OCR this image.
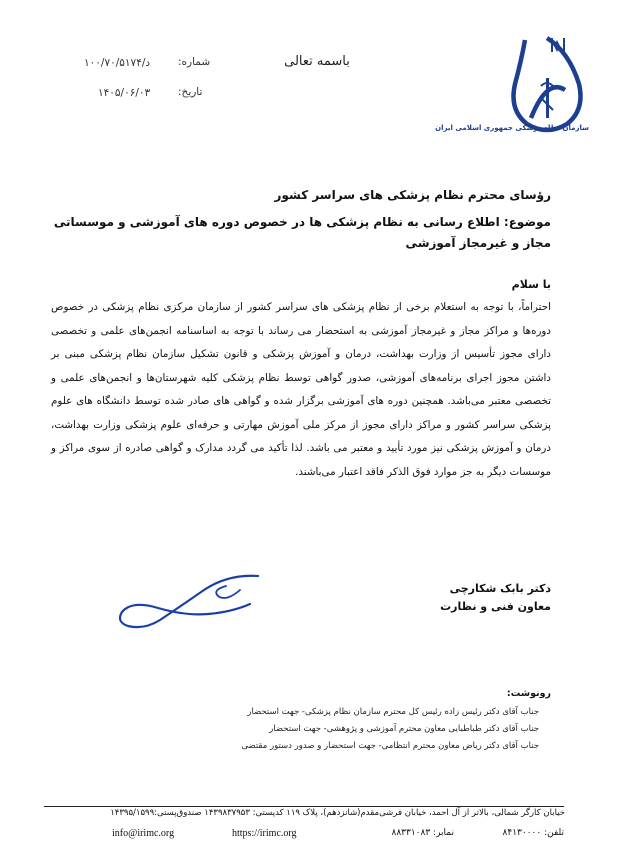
باسمه تعالی
شماره:
۱۰۰/۷۰/۵۱۷۴/د
تاریخ:
۱۴۰۵/۰۶/۰۳
سازمان نظام پزشکی جمهوری اسلامی ایران
رؤسای محترم نظام پزشکی های سراسر کشور
موضوع: اطلاع رسانی به نظام پزشکی ها در خصوص دوره های آموزشی و موسساتی مجاز و غیرمجاز آموزشی
با سلام
احتراماً، با توجه به استعلام برخی از نظام پزشکی های سراسر کشور از سازمان مرکزی نظام پزشکی در خصوص دوره‌ها و مراکز مجاز و غیرمجاز آموزشی به استحضار می رساند با توجه به اساسنامه انجمن‌های علمی و تخصصی دارای مجوز تأسیس از وزارت بهداشت، درمان و آموزش پزشکی و قانون تشکیل سازمان نظام پزشکی مبنی بر داشتن مجوز اجرای برنامه‌های آموزشی، صدور گواهی توسط نظام پزشکی کلیه شهرستان‌ها و انجمن‌های علمی و تخصصی معتبر می‌باشد. همچنین دوره های آموزشی برگزار شده و گواهی های صادر شده توسط دانشگاه های علوم پزشکی سراسر کشور و مراکز دارای مجوز از مرکز ملی آموزش مهارتی و حرفه‌ای علوم پزشکی وزارت بهداشت، درمان و آموزش پزشکی نیز مورد تأیید و معتبر می باشد. لذا تأکید می گردد مدارک و گواهی صادره از سوی مراکز و موسسات دیگر به جز موارد فوق الذکر فاقد اعتبار می‌باشند.
دکتر بابک شکارچی
معاون فنی و نظارت
رونوشت:
جناب آقای دکتر رئیس زاده رئیس کل محترم سازمان نظام پزشکی- جهت استحضار
جناب آقای دکتر طباطبایی معاون محترم آموزشی و پژوهشی- جهت استحضار
جناب آقای دکتر ریاض معاون محترم انتظامی- جهت استحضار و صدور دستور مقتضی
خیابان کارگر شمالی، بالاتر از آل احمد، خیابان فرشی‌مقدم(شانزدهم)، پلاک ۱۱۹ کدپستی: ۱۴۳۹۸۳۷۹۵۳ صندوق‌پستی:۱۴۳۹۵/۱۵۹۹
تلفن: ۸۴۱۳۰۰۰۰
نمابر: ۸۸۳۳۱۰۸۳
https://irimc.org
info@irimc.org
